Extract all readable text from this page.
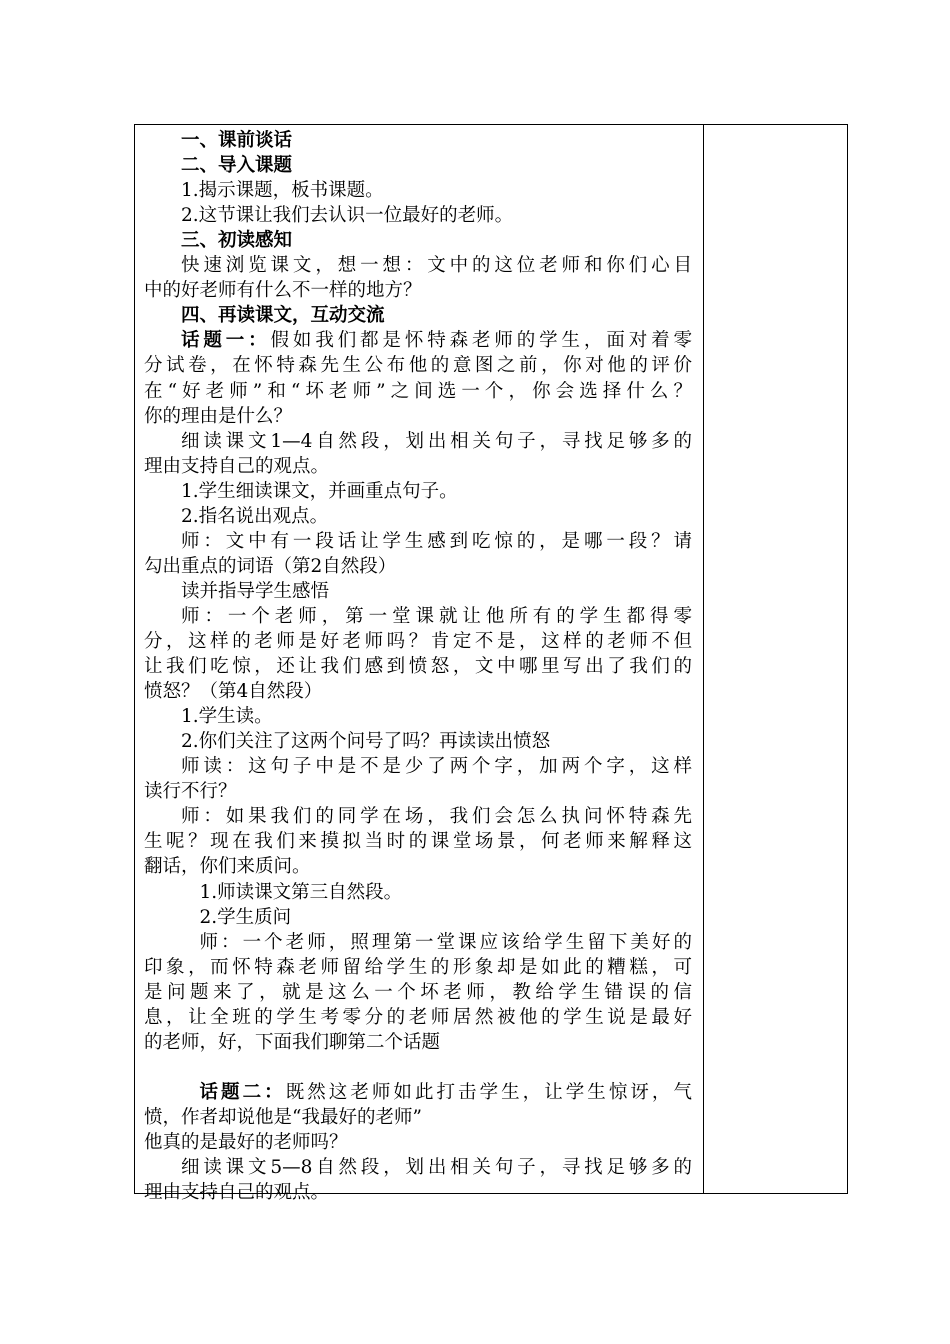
一、课前谈话

二、导入课题

1.揭示课题，板书课题。

2.这节课让我们去认识一位最好的老师。

三、初读感知

快速浏览课文，想一想：文中的这位老师和你们心目

中的好老师有什么不一样的地方？

四、再读课文，互动交流

话题一：假如我们都是怀特森老师的学生，面对着零

分试卷，在怀特森先生公布他的意图之前，你对他的评价

在“好老师”和“坏老师”之间选一个，你会选择什么？

你的理由是什么？

细读课文1—4自然段，划出相关句子，寻找足够多的

理由支持自己的观点。

1.学生细读课文，并画重点句子。

2.指名说出观点。

师：文中有一段话让学生感到吃惊的，是哪一段？请

勾出重点的词语（第2自然段）

读并指导学生感悟

师：一个老师，第一堂课就让他所有的学生都得零

分，这样的老师是好老师吗？肯定不是，这样的老师不但

让我们吃惊，还让我们感到愤怒，文中哪里写出了我们的

愤怒？（第4自然段）

1.学生读。

2.你们关注了这两个问号了吗？再读读出愤怒

师读：这句子中是不是少了两个字，加两个字，这样

读行不行？

师：如果我们的同学在场，我们会怎么执问怀特森先

生呢？现在我们来摸拟当时的课堂场景，何老师来解释这

翻话，你们来质问。

1.师读课文第三自然段。

2.学生质问

师：一个老师，照理第一堂课应该给学生留下美好的

印象，而怀特森老师留给学生的形象却是如此的糟糕，可

是问题来了，就是这么一个坏老师，教给学生错误的信

息，让全班的学生考零分的老师居然被他的学生说是最好

的老师，好，下面我们聊第二个话题

话题二：既然这老师如此打击学生，让学生惊讶，气

愤，作者却说他是“我最好的老师”

他真的是最好的老师吗？

细读课文5—8自然段，划出相关句子，寻找足够多的

理由支持自己的观点。
